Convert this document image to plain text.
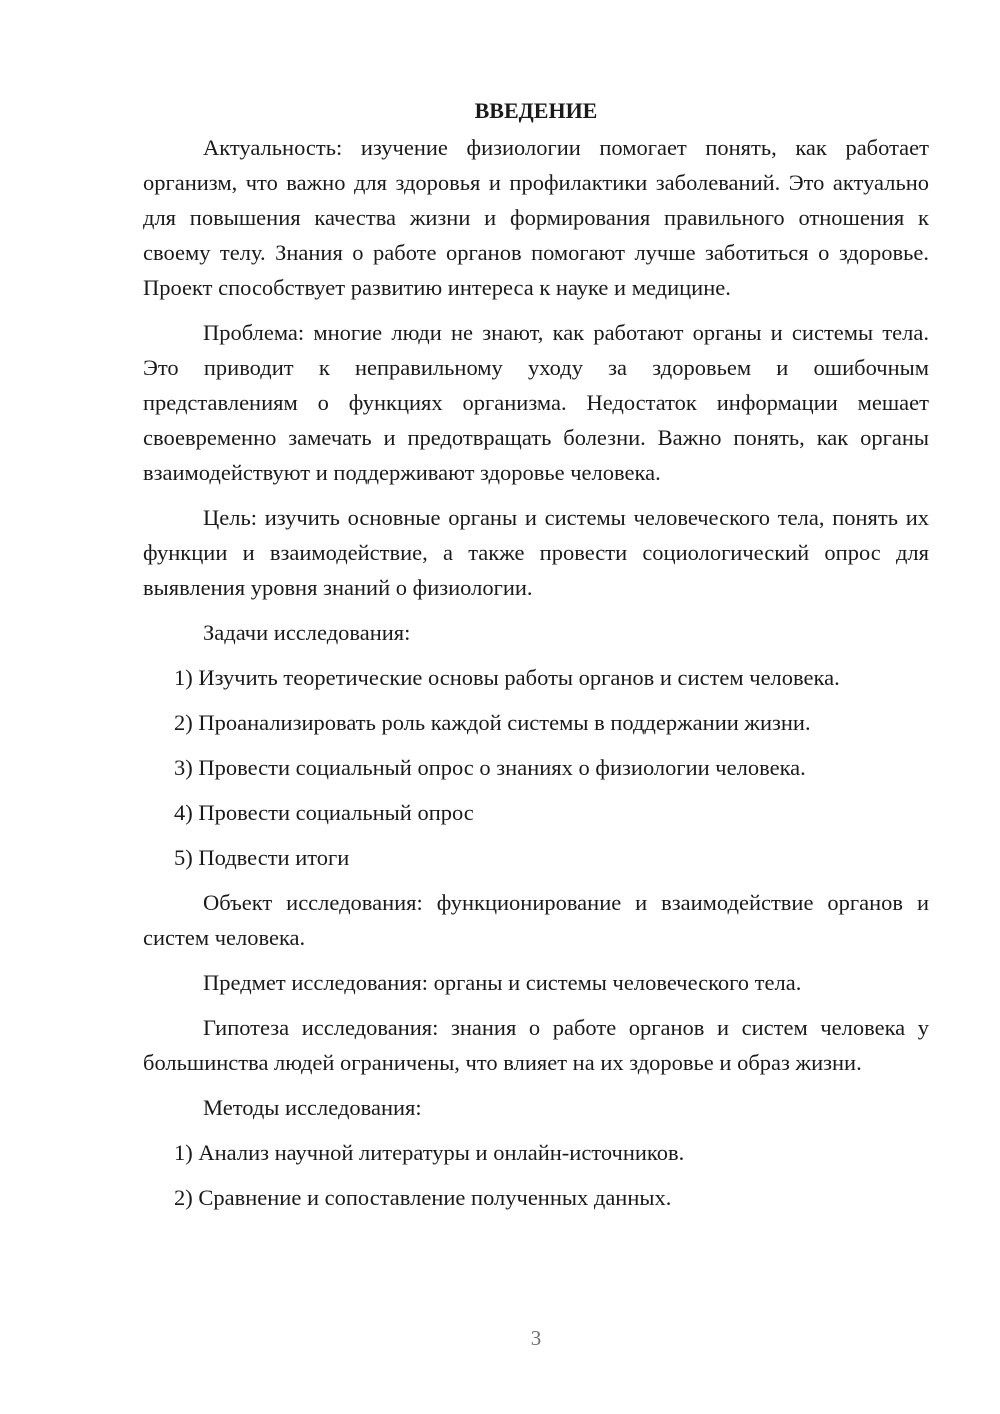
ВВЕДЕНИЕ

Актуальность: изучение физиологии помогает понять, как работает организм, что важно для здоровья и профилактики заболеваний. Это актуально для повышения качества жизни и формирования правильного отношения к своему телу. Знания о работе органов помогают лучше заботиться о здоровье. Проект способствует развитию интереса к науке и медицине.

Проблема: многие люди не знают, как работают органы и системы тела. Это приводит к неправильному уходу за здоровьем и ошибочным представлениям о функциях организма. Недостаток информации мешает своевременно замечать и предотвращать болезни. Важно понять, как органы взаимодействуют и поддерживают здоровье человека.

Цель: изучить основные органы и системы человеческого тела, понять их функции и взаимодействие, а также провести социологический опрос для выявления уровня знаний о физиологии.

Задачи исследования:

1) Изучить теоретические основы работы органов и систем человека.
2) Проанализировать роль каждой системы в поддержании жизни.
3) Провести социальный опрос о знаниях о физиологии человека.
4) Провести социальный опрос
5) Подвести итоги

Объект исследования: функционирование и взаимодействие органов и систем человека.

Предмет исследования: органы и системы человеческого тела.

Гипотеза исследования: знания о работе органов и систем человека у большинства людей ограничены, что влияет на их здоровье и образ жизни.

Методы исследования:

1) Анализ научной литературы и онлайн-источников.
2) Сравнение и сопоставление полученных данных.
3
